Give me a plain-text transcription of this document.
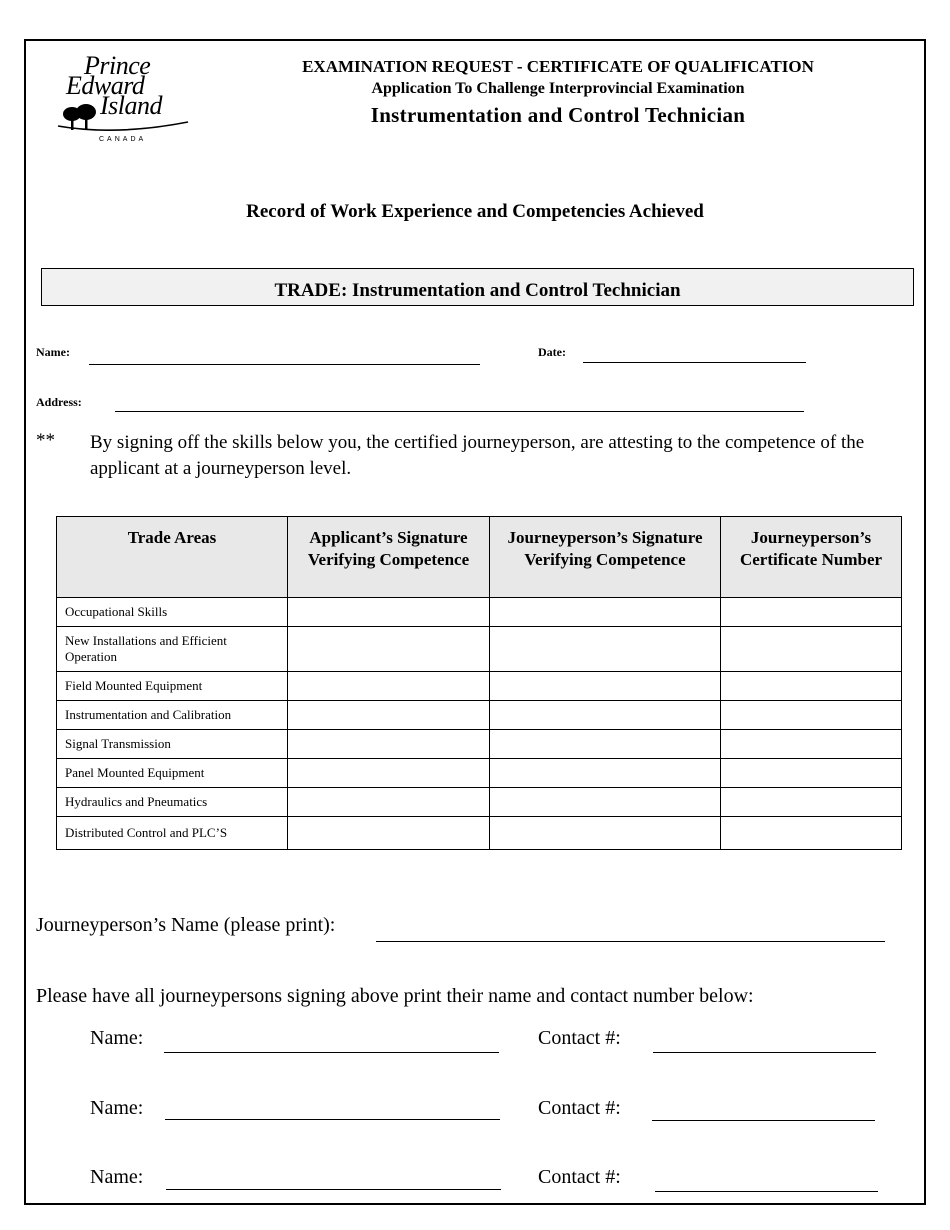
Prince
Edward
Island
CANADA
EXAMINATION REQUEST - CERTIFICATE OF QUALIFICATION
Application To Challenge Interprovincial Examination
Instrumentation and Control Technician
Record of Work Experience and Competencies Achieved
TRADE: Instrumentation and Control Technician
Name:	Date:
Address:
** By signing off the skills below you, the certified journeyperson, are attesting to the competence of the applicant at a journeyperson level.
Trade Areas	Applicant’s Signature Verifying Competence	Journeyperson’s Signature Verifying Competence	Journeyperson’s Certificate Number
Occupational Skills			
New Installations and Efficient Operation			
Field Mounted Equipment			
Instrumentation and Calibration			
Signal Transmission			
Panel Mounted Equipment			
Hydraulics and Pneumatics			
Distributed Control and PLC’S			
Journeyperson’s Name (please print):
Please have all journeypersons signing above print their name and contact number below:
Name:	Contact #:
Name:	Contact #:
Name:	Contact #:
